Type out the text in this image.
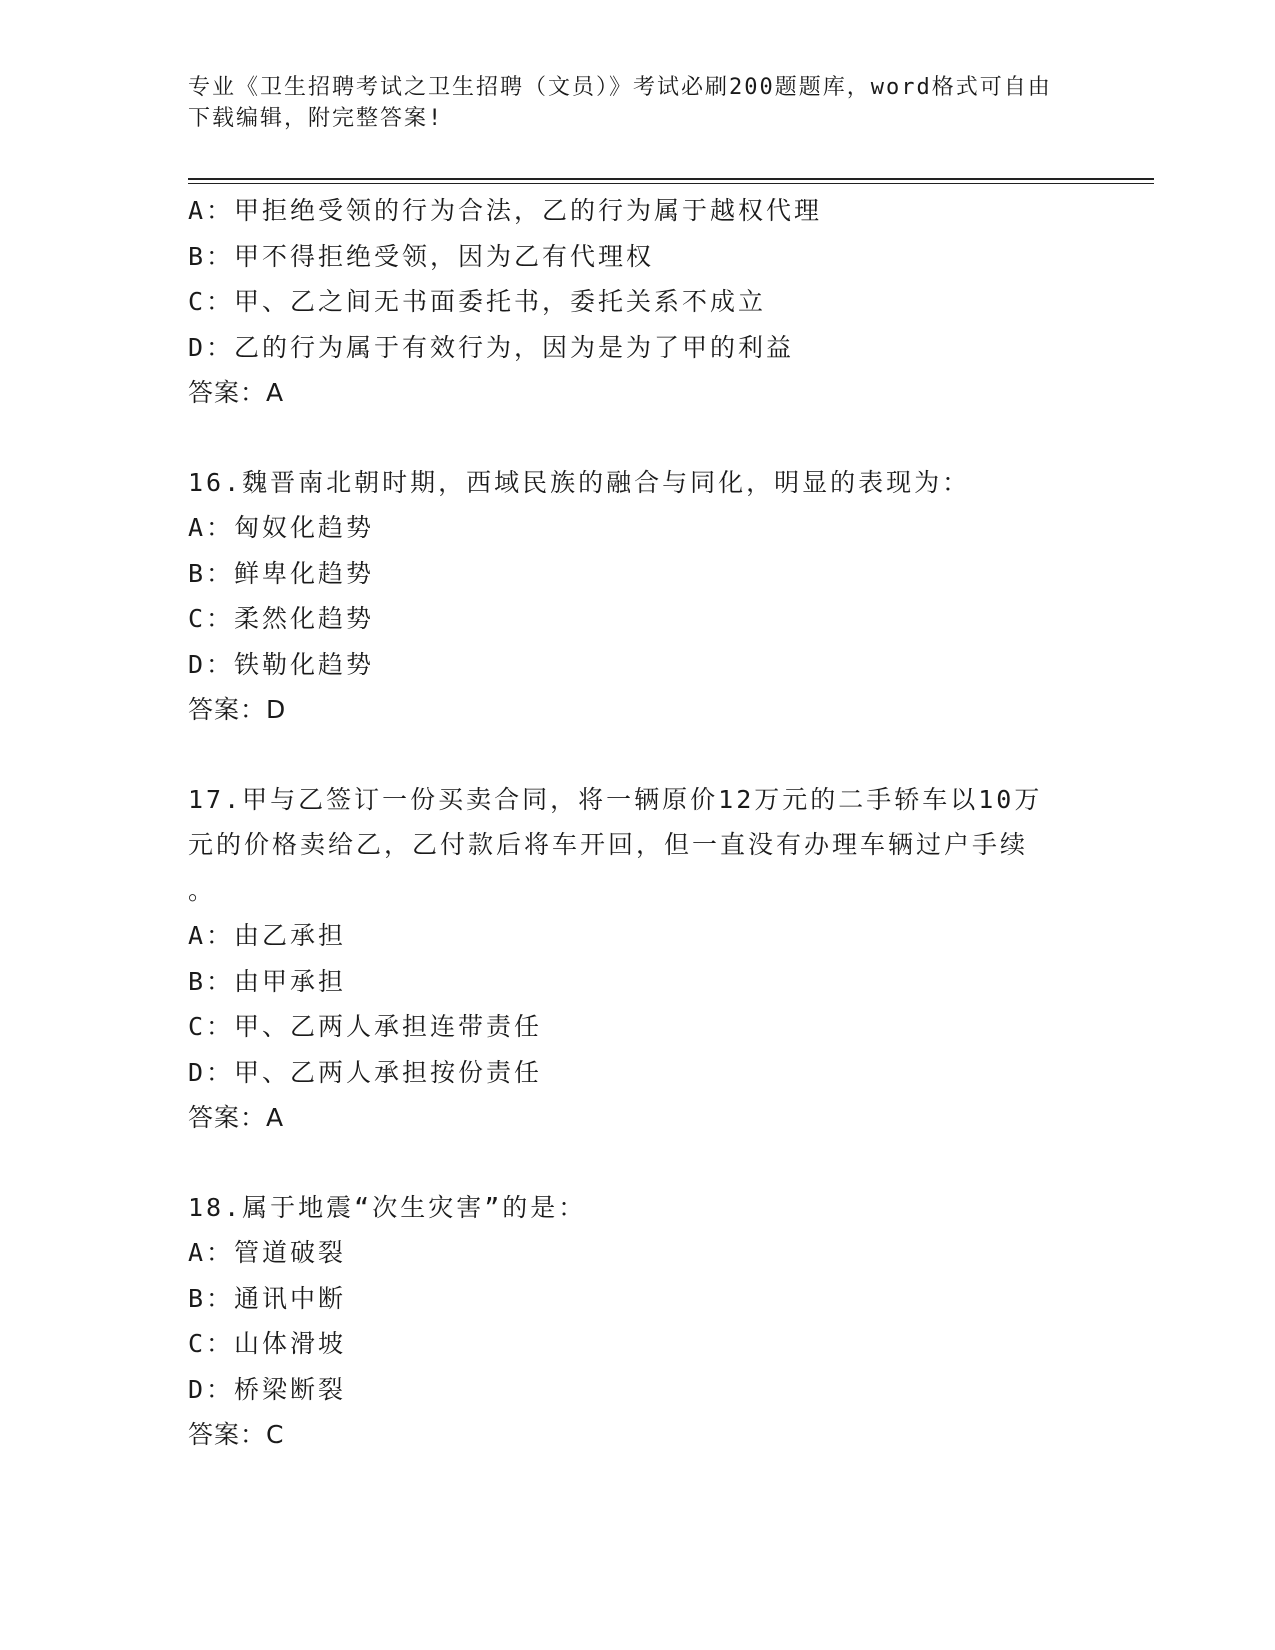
专业《卫生招聘考试之卫生招聘（文员）》考试必刷200题题库，word格式可自由下载编辑，附完整答案!
A：甲拒绝受领的行为合法，乙的行为属于越权代理
B：甲不得拒绝受领，因为乙有代理权
C：甲、乙之间无书面委托书，委托关系不成立
D：乙的行为属于有效行为，因为是为了甲的利益
答案：A
16.魏晋南北朝时期，西域民族的融合与同化，明显的表现为：
A：匈奴化趋势
B：鲜卑化趋势
C：柔然化趋势
D：铁勒化趋势
答案：D
17.甲与乙签订一份买卖合同，将一辆原价12万元的二手轿车以10万元的价格卖给乙，乙付款后将车开回，但一直没有办理车辆过户手续
。
A：由乙承担
B：由甲承担
C：甲、乙两人承担连带责任
D：甲、乙两人承担按份责任
答案：A
18.属于地震“次生灾害”的是：
A：管道破裂
B：通讯中断
C：山体滑坡
D：桥梁断裂
答案：C
